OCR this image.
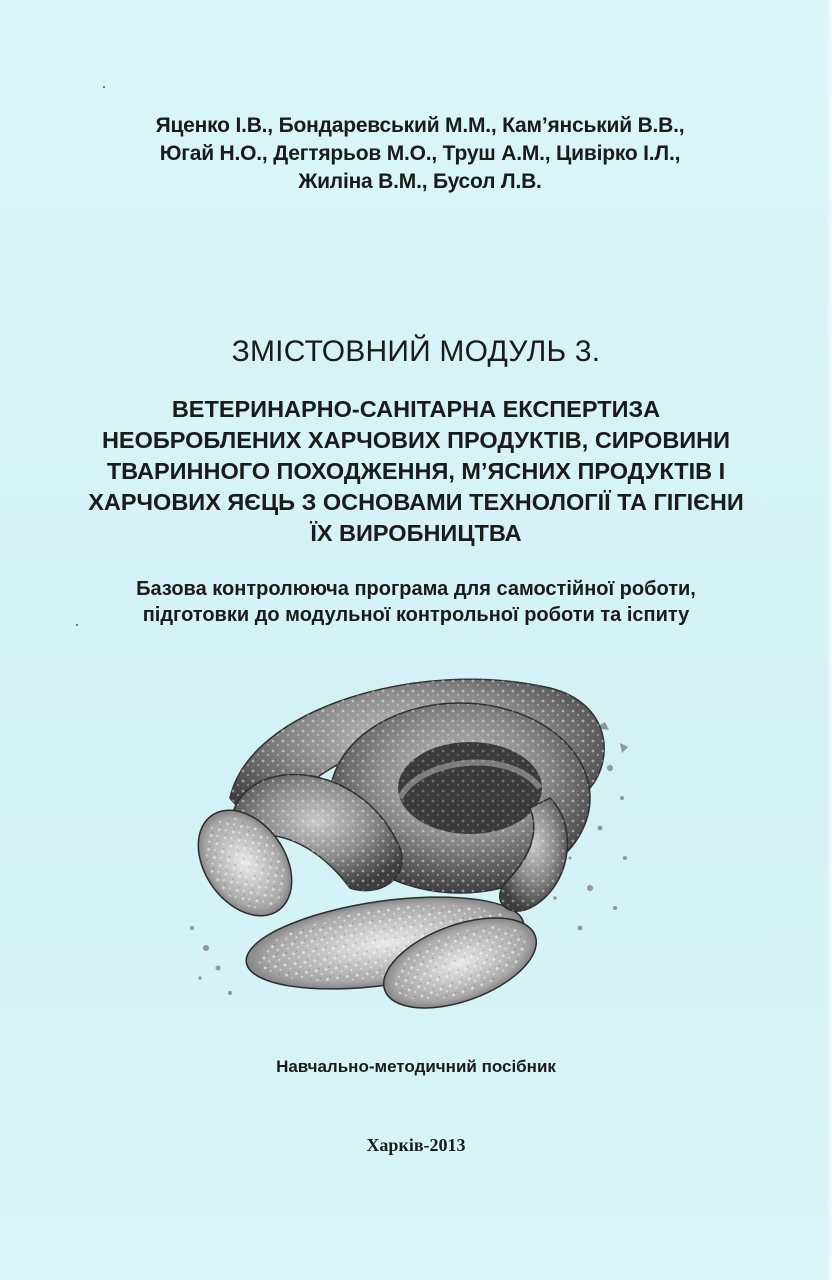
Яценко І.В., Бондаревський М.М., Кам’янський В.В.,
Югай Н.О., Дегтярьов М.О., Труш А.М., Цивірко І.Л.,
Жиліна В.М., Бусол Л.В.
ЗМІСТОВНИЙ МОДУЛЬ 3.
ВЕТЕРИНАРНО-САНІТАРНА ЕКСПЕРТИЗА
НЕОБРОБЛЕНИХ ХАРЧОВИХ ПРОДУКТІВ, СИРОВИНИ
ТВАРИННОГО ПОХОДЖЕННЯ, М’ЯСНИХ ПРОДУКТІВ І
ХАРЧОВИХ ЯЄЦЬ З ОСНОВАМИ ТЕХНОЛОГІЇ ТА ГІГІЄНИ
ЇХ ВИРОБНИЦТВА
Базова контролююча програма для самостійної роботи,
підготовки до модульної контрольної роботи та іспиту
Навчально-методичний посібник
Харків-2013
